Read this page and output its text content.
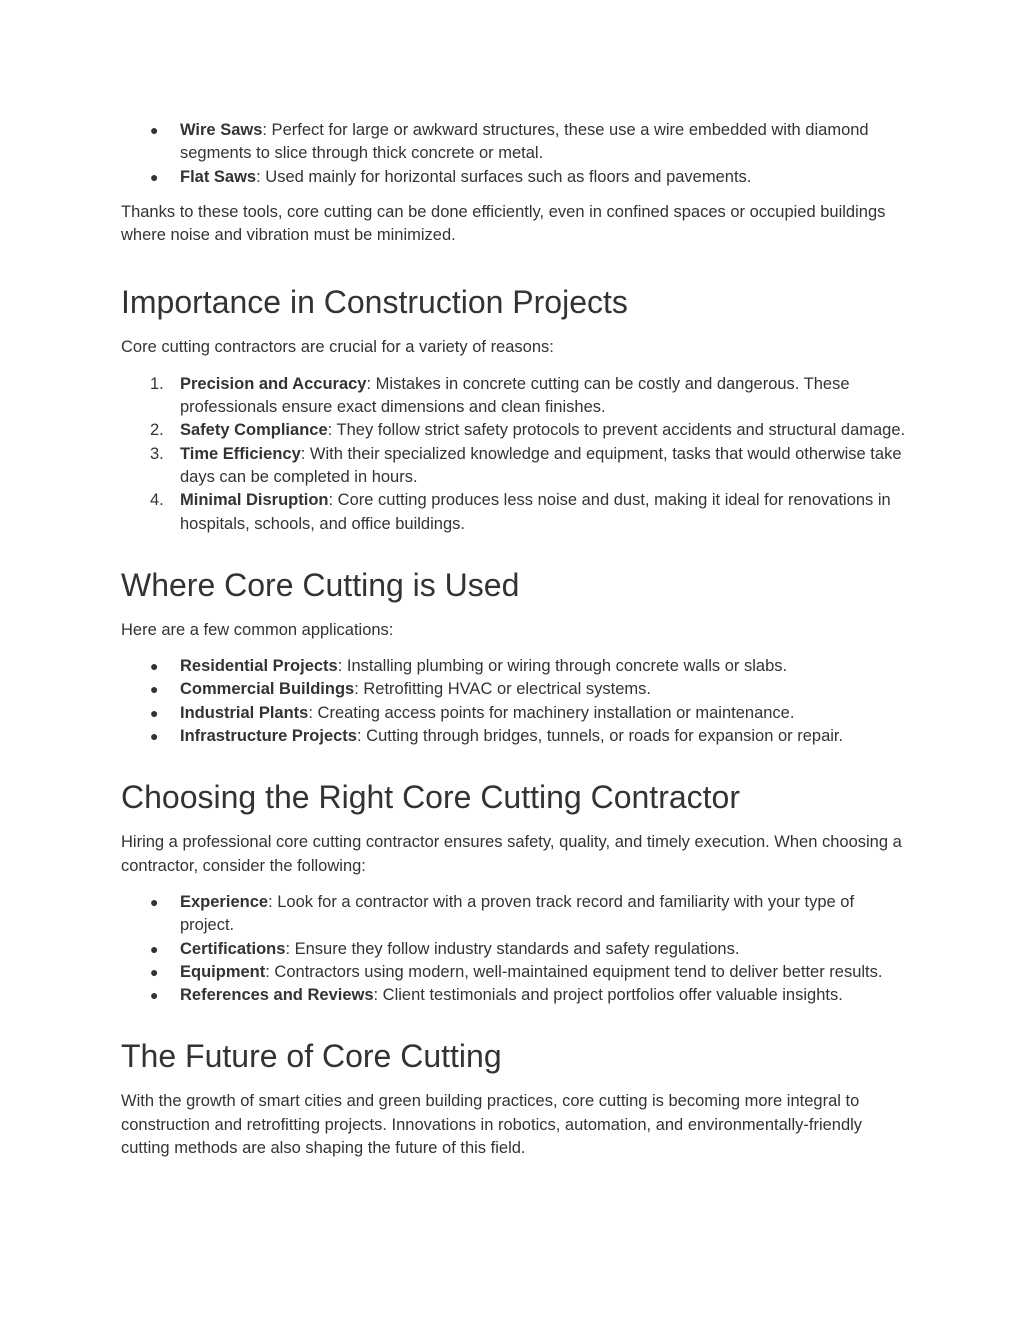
●	Wire Saws: Perfect for large or awkward structures, these use a wire embedded with diamond segments to slice through thick concrete or metal.
●	Flat Saws: Used mainly for horizontal surfaces such as floors and pavements.

Thanks to these tools, core cutting can be done efficiently, even in confined spaces or occupied buildings where noise and vibration must be minimized.

Importance in Construction Projects

Core cutting contractors are crucial for a variety of reasons:

1. Precision and Accuracy: Mistakes in concrete cutting can be costly and dangerous. These professionals ensure exact dimensions and clean finishes.
2. Safety Compliance: They follow strict safety protocols to prevent accidents and structural damage.
3. Time Efficiency: With their specialized knowledge and equipment, tasks that would otherwise take days can be completed in hours.
4. Minimal Disruption: Core cutting produces less noise and dust, making it ideal for renovations in hospitals, schools, and office buildings.
Where Core Cutting is Used

Here are a few common applications:

●	Residential Projects: Installing plumbing or wiring through concrete walls or slabs.
●	Commercial Buildings: Retrofitting HVAC or electrical systems.
●	Industrial Plants: Creating access points for machinery installation or maintenance.
●	Infrastructure Projects: Cutting through bridges, tunnels, or roads for expansion or repair.
Choosing the Right Core Cutting Contractor

Hiring a professional core cutting contractor ensures safety, quality, and timely execution. When choosing a contractor, consider the following:

●	Experience: Look for a contractor with a proven track record and familiarity with your type of project.
●	Certifications: Ensure they follow industry standards and safety regulations.
●	Equipment: Contractors using modern, well-maintained equipment tend to deliver better results.
●	References and Reviews: Client testimonials and project portfolios offer valuable insights.
The Future of Core Cutting

With the growth of smart cities and green building practices, core cutting is becoming more integral to construction and retrofitting projects. Innovations in robotics, automation, and environmentally-friendly cutting methods are also shaping the future of this field.
